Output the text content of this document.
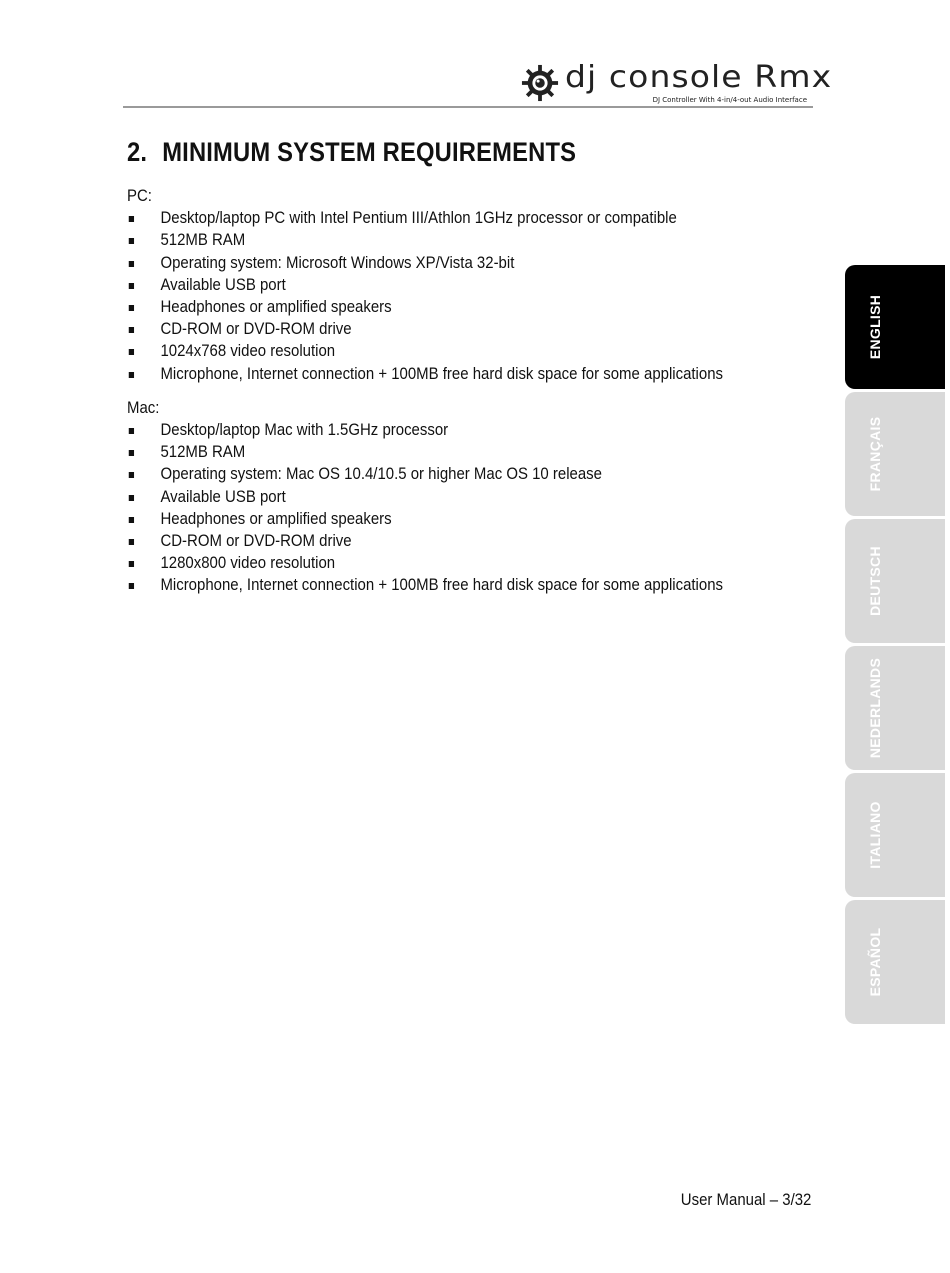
dj console Rmx
DJ Controller With 4-in/4-out Audio Interface
2. MINIMUM SYSTEM REQUIREMENTS

PC:

Desktop/laptop PC with Intel Pentium III/Athlon 1GHz processor or compatible
512MB RAM
Operating system: Microsoft Windows XP/Vista 32-bit
Available USB port
Headphones or amplified speakers
CD-ROM or DVD-ROM drive
1024x768 video resolution
Microphone, Internet connection + 100MB free hard disk space for some applications

Mac:

Desktop/laptop Mac with 1.5GHz processor
512MB RAM
Operating system: Mac OS 10.4/10.5 or higher Mac OS 10 release
Available USB port
Headphones or amplified speakers
CD-ROM or DVD-ROM drive
1280x800 video resolution
Microphone, Internet connection + 100MB free hard disk space for some applications
ENGLISH
FRANÇAIS
DEUTSCH
NEDERLANDS
ITALIANO
ESPAÑOL
User Manual – 3/32
